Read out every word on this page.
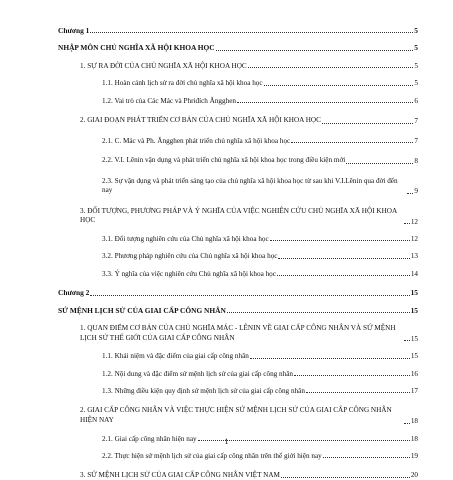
Chương 1	5
NHẬP MÔN CHỦ NGHĨA XÃ HỘI KHOA HỌC	5
1. SỰ RA ĐỜI CỦA CHỦ NGHĨA XÃ HỘI KHOA HỌC	5
1.1. Hoàn cảnh lịch sử ra đời chủ nghĩa xã hội khoa học	5
1.2. Vai trò của Các Mác và Phriđích Ăngghen	6
2. GIAI ĐOẠN PHÁT TRIỂN CƠ BẢN CỦA CHỦ NGHĨA XÃ HỘI KHOA HỌC	7
2.1. C. Mác và Ph. Ăngghen phát triển chủ nghĩa xã hội khoa học	7
2.2. V.I. Lênin vận dụng và phát triển chủ nghĩa xã hội khoa học trong điều kiện mới	8
2.3. Sự vận dụng và phát triển sáng tạo của chủ nghĩa xã hội khoa học từ sau khi V.I.Lênin qua đời đến nay	9
3. ĐỐI TƯỢNG, PHƯƠNG PHÁP VÀ Ý NGHĨA CỦA VIỆC NGHIÊN CỨU CHỦ NGHĨA XÃ HỘI KHOA HỌC	12
3.1. Đối tượng nghiên cứu của Chủ nghĩa xã hội khoa học	12
3.2. Phương pháp nghiên cứu của Chủ nghĩa xã hội khoa học	13
3.3. Ý nghĩa của việc nghiên cứu Chủ nghĩa xã hội khoa học	14
Chương 2	15
SỨ MỆNH LỊCH SỬ CỦA GIAI CẤP CÔNG NHÂN	15
1. QUAN ĐIỂM CƠ BẢN CỦA CHỦ NGHĨA MÁC - LÊNIN VỀ GIAI CẤP CÔNG NHÂN VÀ SỨ MỆNH LỊCH SỬ THẾ GIỚI CỦA GIAI CẤP CÔNG NHÂN	15
1.1. Khái niệm và đặc điểm của giai cấp công nhân	15
1.2. Nội dung và đặc điểm sứ mệnh lịch sử của giai cấp công nhân	16
1.3. Những điều kiện quy định sứ mệnh lịch sử của giai cấp công nhân	17
2. GIAI CẤP CÔNG NHÂN VÀ VIỆC THỰC HIỆN SỨ MỆNH LỊCH SỬ CỦA GIAI CẤP CÔNG NHÂN HIỆN NAY	18
2.1. Giai cấp công nhân hiện nay	18
2.2. Thực hiện sứ mệnh lịch sử của giai cấp công nhân trên thế giới hiện nay	19
3. SỨ MỆNH LỊCH SỬ CỦA GIAI CẤP CÔNG NHÂN VIỆT NAM	20
1
